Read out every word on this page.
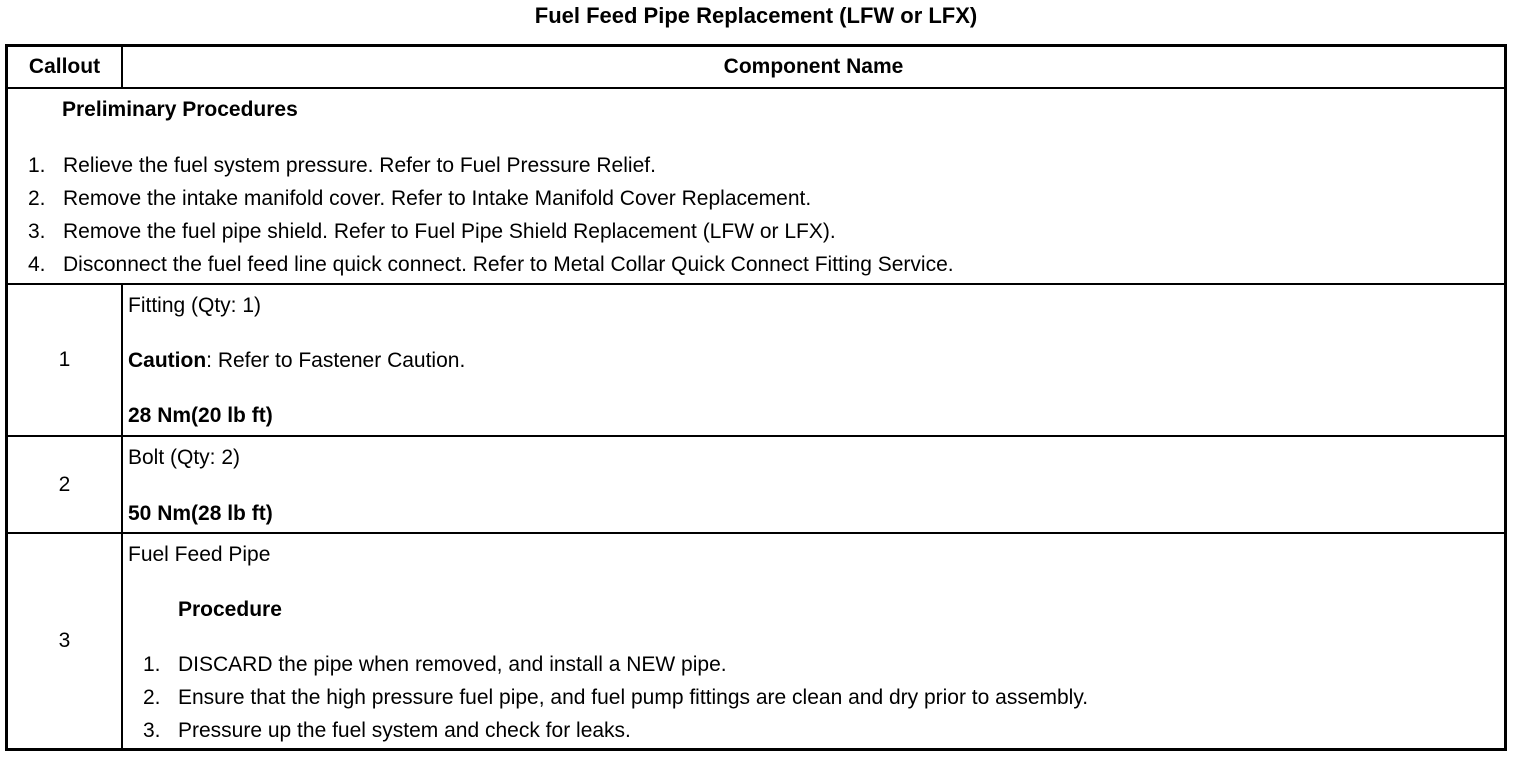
Fuel Feed Pipe Replacement (LFW or LFX)
Callout	Component Name
Preliminary Procedures
1. Relieve the fuel system pressure. Refer to Fuel Pressure Relief.
2. Remove the intake manifold cover. Refer to Intake Manifold Cover Replacement.
3. Remove the fuel pipe shield. Refer to Fuel Pipe Shield Replacement (LFW or LFX).
4. Disconnect the fuel feed line quick connect. Refer to Metal Collar Quick Connect Fitting Service.
1
Fitting (Qty: 1)
Caution: Refer to Fastener Caution.
28 Nm(20 lb ft)
2
Bolt (Qty: 2)
50 Nm(28 lb ft)
3
Fuel Feed Pipe
Procedure
1. DISCARD the pipe when removed, and install a NEW pipe.
2. Ensure that the high pressure fuel pipe, and fuel pump fittings are clean and dry prior to assembly.
3. Pressure up the fuel system and check for leaks.
